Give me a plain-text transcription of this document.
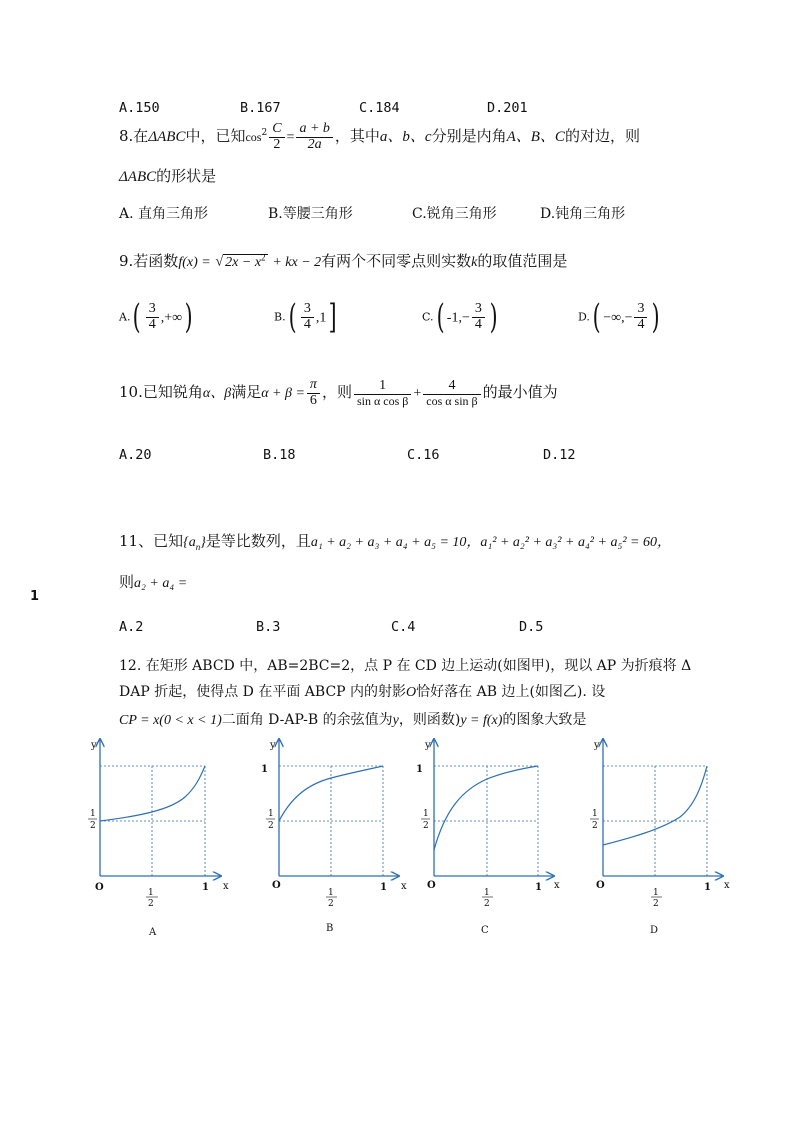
1
A.150	B.167	C.184	D.201
8.在ΔABC中，已知$\cos^2 \frac{C}{2} = \frac{a + b}{2a}$ ，其中a、b、c分别是内角A、B、C的对边，则
ΔABC的形状是
A. 直角三角形	B.等腰三角形	C.锐角三角形	D.钝角三角形
9.若函数f(x) = √ $2x - x^2$ + kx − 2有两个不同零点则实数k的取值范围是
$A.( \frac{3}{4}$ ,+∞)	$B.( \frac{3}{4} ,1]$	C.( $-1,- \frac{3}{4}$ )	D.( −∞,− $\frac{3}{4}$ )
10.已知锐角α、β满足$\alpha + \beta = \frac{\pi}{6}$ ，则 $\frac{1}{\text{sin α cos β}} + \frac{4}{\text{cos α sin β}}$ 的最小值为
A.20	B.18	C.16	D.12
11、已知$\{a_n\}$是等比数列，且a₁ + a₂ + a₃ + a₄ + a₅ = 10，a₁² + a₂² + a₃² + a₄² + a₅² = 60，
则a₂ + a₄ =
A.2	B.3	C.4	D.5
12. 在矩形 ABCD 中，AB=2BC=2，点 P 在 CD 边上运动(如图甲)，现以 AP 为折痕将 Δ
DAP 折起，使得点 D 在平面 ABCP 内的射影O恰好落在 AB 边上(如图乙). 设
CP = x(0 < x < 1)二面角 D-AP-B 的余弦值为y，则函数)y = f(x)的图象大致是
y
x
O	1
1
2
1
2
A
y
x
O	1
1
1
2
1
2
B
y
x
O	1
1
1
2
1
2
C
y
x
O	1
1
2
1
2
D
